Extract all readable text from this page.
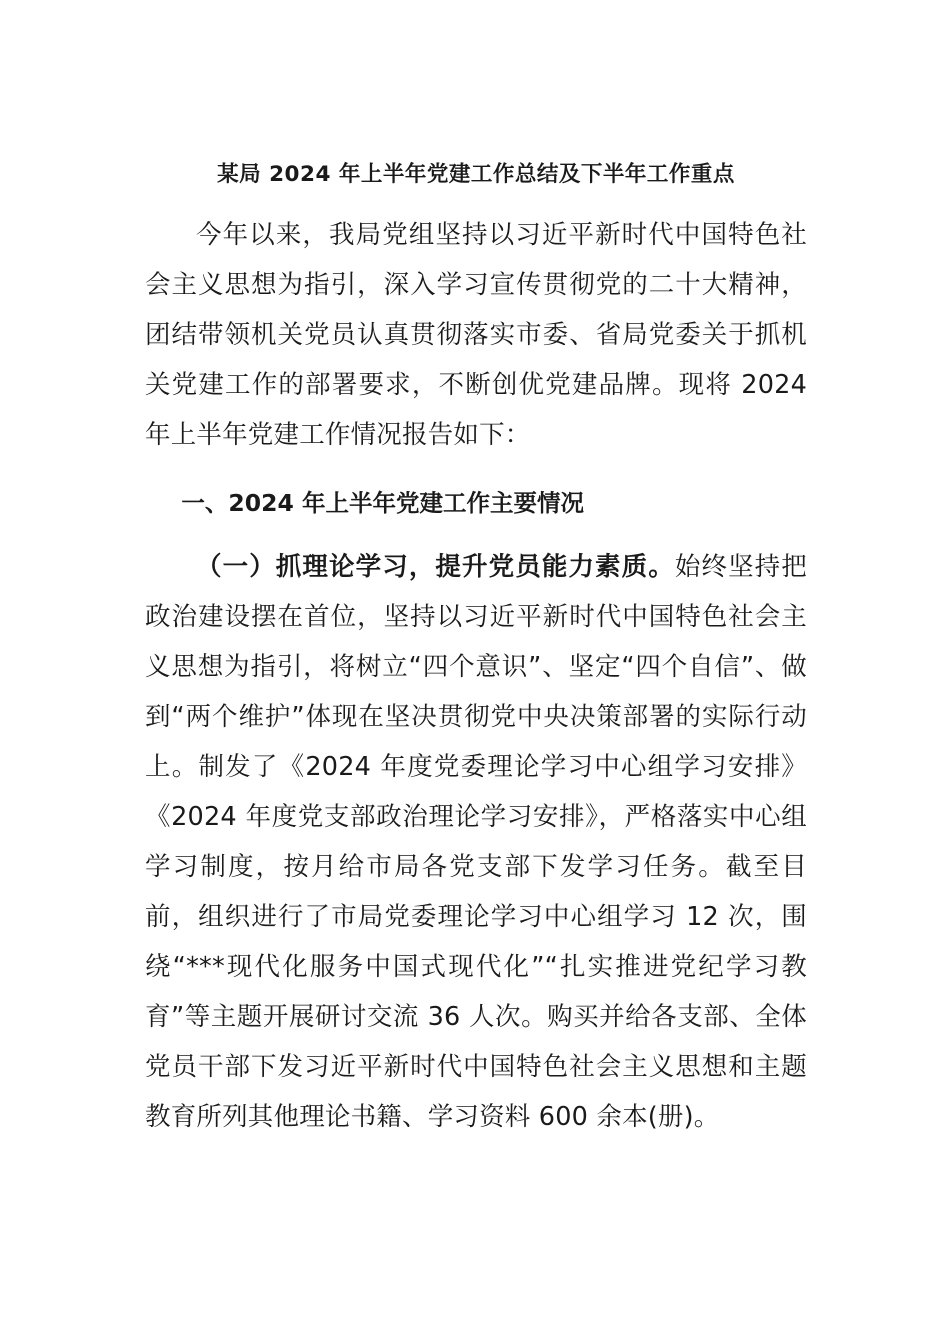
某局 2024 年上半年党建工作总结及下半年工作重点

今年以来，我局党组坚持以习近平新时代中国特色社会主义思想为指引，深入学习宣传贯彻党的二十大精神，团结带领机关党员认真贯彻落实市委、省局党委关于抓机关党建工作的部署要求，不断创优党建品牌。现将 2024 年上半年党建工作情况报告如下：

一、2024 年上半年党建工作主要情况

（一）抓理论学习，提升党员能力素质。始终坚持把政治建设摆在首位，坚持以习近平新时代中国特色社会主义思想为指引，将树立“四个意识”、坚定“四个自信”、做到“两个维护”体现在坚决贯彻党中央决策部署的实际行动上。制发了《2024 年度党委理论学习中心组学习安排》《2024 年度党支部政治理论学习安排》，严格落实中心组学习制度，按月给市局各党支部下发学习任务。截至目前，组织进行了市局党委理论学习中心组学习 12 次，围绕“***现代化服务中国式现代化”“扎实推进党纪学习教育”等主题开展研讨交流 36 人次。购买并给各支部、全体党员干部下发习近平新时代中国特色社会主义思想和主题教育所列其他理论书籍、学习资料 600 余本(册)。
